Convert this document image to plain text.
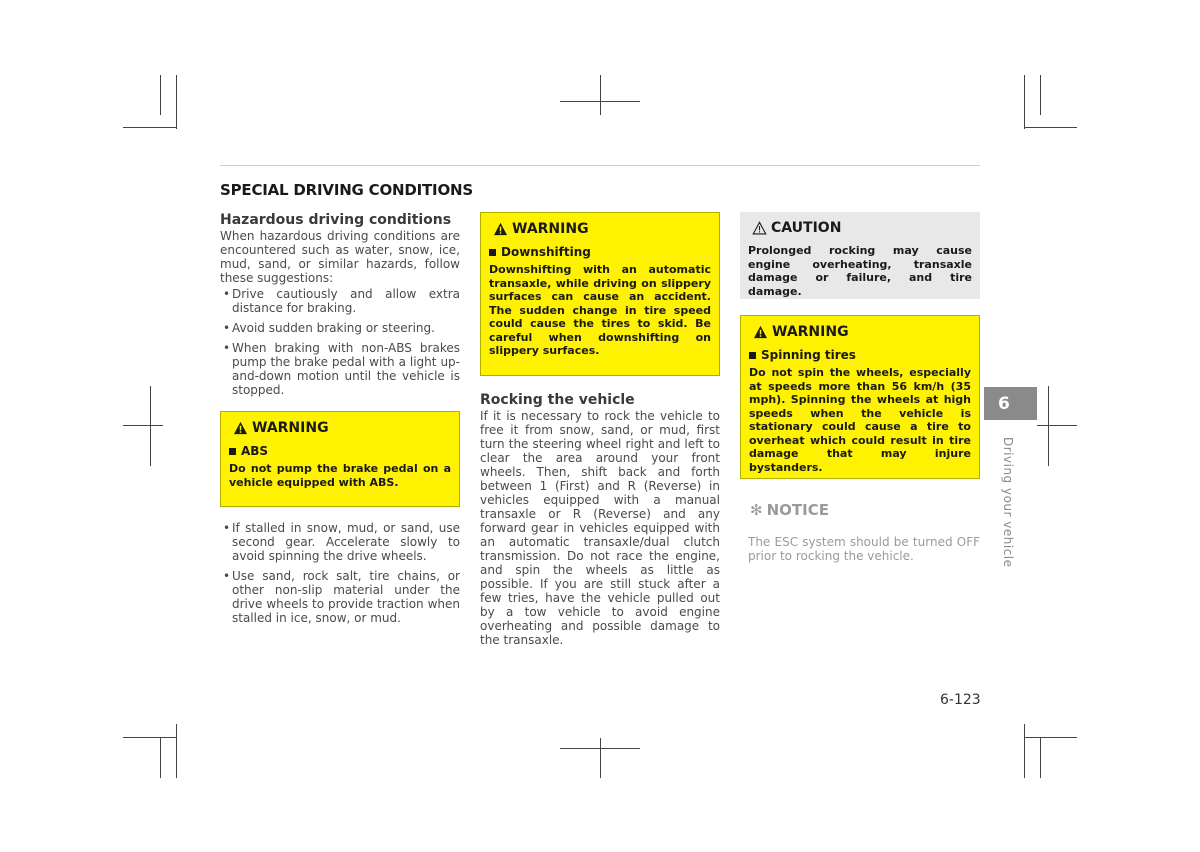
SPECIAL DRIVING CONDITIONS
Hazardous driving conditions

When hazardous driving conditions are encountered such as water, snow, ice, mud, sand, or similar hazards, follow these suggestions:

• Drive cautiously and allow extra distance for braking.
• Avoid sudden braking or steering.
• When braking with non-ABS brakes pump the brake pedal with a light up-and-down motion until the vehicle is stopped.
WARNING
ABS

Do not pump the brake pedal on a vehicle equipped with ABS.

• If stalled in snow, mud, or sand, use second gear. Accelerate slowly to avoid spinning the drive wheels.
• Use sand, rock salt, tire chains, or other non-slip material under the drive wheels to provide traction when stalled in ice, snow, or mud.
WARNING
Downshifting

Downshifting with an automatic transaxle, while driving on slippery surfaces can cause an accident. The sudden change in tire speed could cause the tires to skid. Be careful when downshifting on slippery surfaces.

Rocking the vehicle

If it is necessary to rock the vehicle to free it from snow, sand, or mud, first turn the steering wheel right and left to clear the area around your front wheels. Then, shift back and forth between 1 (First) and R (Reverse) in vehicles equipped with a manual transaxle or R (Reverse) and any forward gear in vehicles equipped with an automatic transaxle/dual clutch transmission. Do not race the engine, and spin the wheels as little as possible. If you are still stuck after a few tries, have the vehicle pulled out by a tow vehicle to avoid engine overheating and possible damage to the transaxle.

CAUTION

Prolonged rocking may cause engine overheating, transaxle damage or failure, and tire damage.

WARNING
Spinning tires

Do not spin the wheels, especially at speeds more than 56 km/h (35 mph). Spinning the wheels at high speeds when the vehicle is stationary could cause a tire to overheat which could result in tire damage that may injure bystanders.

✻ NOTICE

The ESC system should be turned OFF prior to rocking the vehicle.

6
Driving your vehicle
6-123
